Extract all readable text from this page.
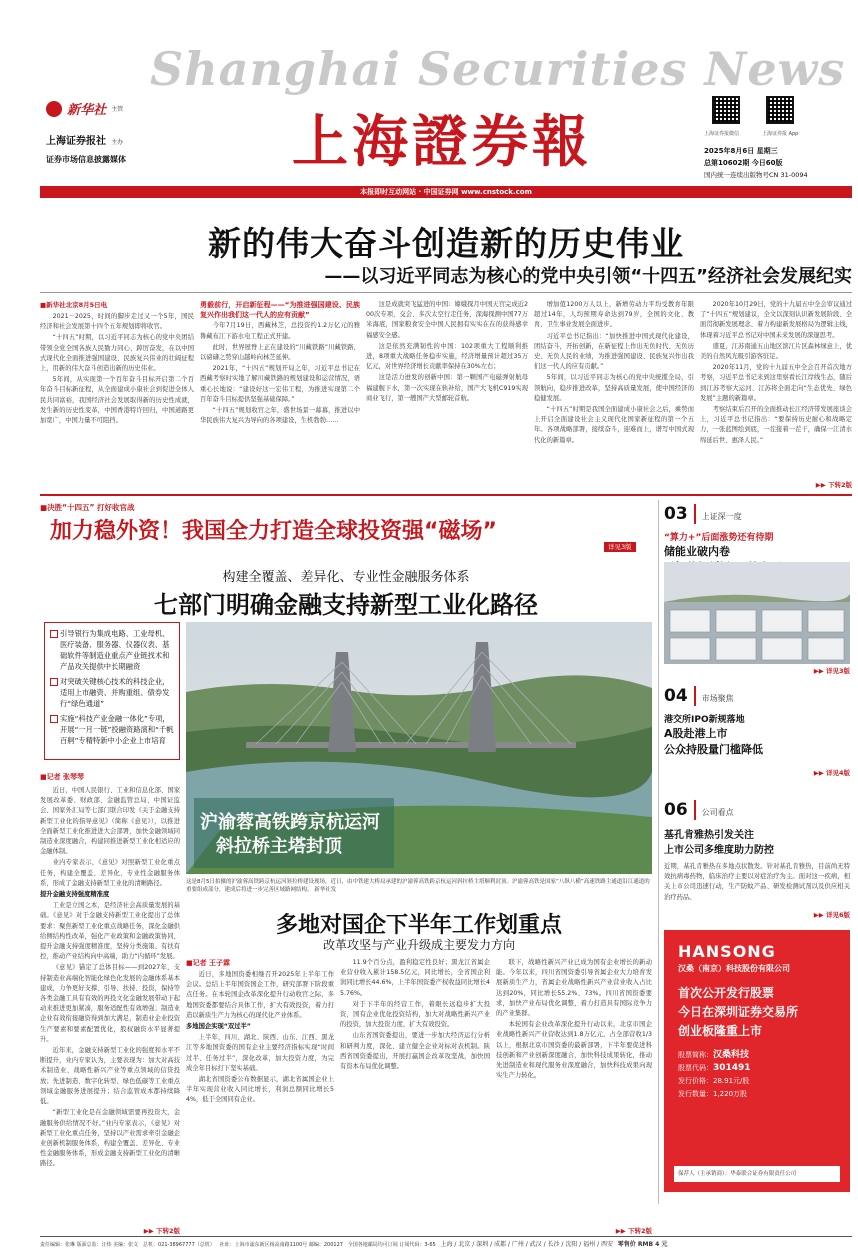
Shanghai Securities News
新华社 主管
上海证券报社 主办
证券市场信息披露媒体	上海證券報	上海证券报微信	上海证券报 App
2025年8月6日 星期三
总第10602期 今日60版
国内统一连续出版物号CN 31-0094
本报即时互动网站 · 中国证券网 www.cnstock.com
新的伟大奋斗创造新的历史伟业
——以习近平同志为核心的党中央引领“十四五”经济社会发展纪实
■新华社北京8月5日电

2021－2025，时间的脚步走过又一个5年，国民经济和社会发展第十四个五年规划即将收官。

“十四五”时期，以习近平同志为核心的党中央团结带领全党全国各族人民勠力同心、踔厉奋发，在以中国式现代化全面推进强国建设、民族复兴伟业的壮阔征程上，用新的伟大奋斗创造出新的历史伟业。

5年间，从实现第一个百年奋斗目标开启第二个百年奋斗目标新征程，从全面建成小康社会到促进全体人民共同富裕，我国经济社会发展取得新的历史性成就，发生新的历史性变革，中国香港特许回归，中国道路更加宽广，中国力量不可阻挡。

勇毅前行，开启新征程——“为推进强国建设、民族复兴作出我们这一代人的应有贡献”

今年7月19日，西藏林芝，总投资约1.2万亿元的雅鲁藏布江下游水电工程正式开建。

此时，世界屋脊上正在建设的“川藏铁路”川藏铁路，以磅礴之势穿山越岭向林芝延伸。

2021年，“十四五”规划开局之年，习近平总书记在西藏考察时实地了解川藏铁路的规划建设和运营情况，语重心长地说：“建设好这一宏伟工程，为推进实现第二个百年奋斗目标提供坚强基础保障。”

“十四五”规划收官之年，盛世场景一幕幕，推进以中华民族伟大复兴为导向的各项建设，生机勃勃……

这是成就突飞猛进的中国：嫦娥探月中国天宫完成近200次专项，交会、多次太空行走任务，深海探测中国77万米海底，国家粮食安全中国人民拥有实实在在的获得感幸福感安全感。

这是依然充满韧性的中国：102项重大工程顺利推进，8项重大战略任务稳步实施，经济增量预计超过35万亿元，对世界经济增长贡献率保持在30%左右；

这是活力迸发的创新中国：第一颗国产电磁弹射航母福建舰下水，第一次实现在轨补给，国产大飞机C919实现商业飞行，第一艘国产大型邮轮首航。

增加值1200万人以上，新增劳动力平均受教育年限超过14年，人均预期寿命达到79岁，全国的文化、教育、卫生事业发展全面进步。

习近平总书记指出：“加快推进中国式现代化建设，团结奋斗，开拓创新，在新征程上作出无负时代、无负历史、无负人民的业绩，为推进强国建设、民族复兴作出我们这一代人的应有贡献。”

5年间，以习近平同志为核心的党中央统揽全局，引领航向，稳步推进改革，坚持高质量发展，使中国经济的稳健发展。

“十四五”时期是我国全面建成小康社会之后，乘势而上开启全面建设社会主义现代化国家新征程的第一个五年。各项战略部署，接续奋斗，迎难而上，谱写中国式现代化的新篇章。

2020年10月29日，党的十九届五中全会审议通过了“十四五”规划建议，全文以深刻认识新发展阶段、全面贯彻新发展理念、着力构建新发展格局为逻辑主线，体现着习近平总书记对中国未来发展的深邃思考。

盛夏，江苏南通五山地区滨江片区森林绿意上，优美的自然风光吸引游客驻足。

2020年11月，党的十九届五中全会召开首次地方考察，习近平总书记来到这里察看长江岸线生态，随后到江苏考察大运河、江苏将全面走向“生态优先、绿色发展”主题的新篇章。

考察结束后召开的全面推动长江经济带发展座谈会上，习近平总书记指出：“要保持历史耐心和战略定力，一张蓝图绘到底，一茬接着一茬干，确保一江清水绵延后世、惠泽人民。”

▶▶ 下转2版
■决胜“十四五” 打好收官战
加力稳外资！我国全力打造全球投资强“磁场”
详见3版
构建全覆盖、差异化、专业性金融服务体系
七部门明确金融支持新型工业化路径
引导银行为集成电路、工业母机、医疗装备、服务器、仪器仪表、基础软件等制造业重点产业链找术和产品攻关提供中长期融资
对突破关键核心技术的科技企业，适用上市融资、并购重组、债券发行“绿色通道”
实施“科技产业金融一体化”专项，开展“一月一链”投融资路演和“千帆百舸”专精特新中小企业上市培育
■记者 张琴琴

近日，中国人民银行、工业和信息化部、国家发展改革委、财政部、金融监管总局、中国证监会、国家外汇局等七部门联合印发《关于金融支持新型工业化的指导意见》（简称《意见》），以推进全面新型工业化推进进大会部署，加快金融领域同制造业深度融合，构建同推进新型工业化相适应的金融体制。

业内专家表示，《意见》对照新型工业化重点任务，构建全覆盖、差异化、专业性金融服务体系，形成了金融支持新型工业化的清晰路径。

提升金融支持强度精准度

工业是立国之本，是经济社会高质量发展的基础。《意见》对于金融支持新型工业化提出了总体要求：聚焦新型工业化重点战略任务，深化金融供给侧结构性改革，强化产业政策和金融政策协同，提升金融支持强度精准度，坚持分类施策、有扶有控，推动产业结构向中高端，助力“内循环”发展。

《意见》锚定了总体目标——到2027年，支持制造业高端化智能化绿色化发展的金融体系基本建成，力争更好支撑、引导、扶持、投资，保持等各类金融工具有有效的再投文化金融发展带动下起动来推进更加紧凑，服务适配性有效增强；制造业企业有效衔接融资得到加大满足，制造业企业投资生产要素和要素配置优化，股权融资水平显著提升。

近年来，金融支持新型工业化的强度和水平不断提升，业内专家认为，主要表现为：加大对高技术制造业、战略性新兴产业等重点领域的信贷投放；先进制造、数字化转型、绿色低碳等工业重点领域金融服务进展提升；结合监管成本都持续降低。

“新型工业化是在金融领域需要再投资大，金融服务供给情况不好。”业内专家表示，《意见》对新型工业化重点任务，坚持以产业需求牵引金融企业创新机制服务体系，构建全覆盖、差异化、专业性金融服务体系，形成金融支持新型工业化的清晰路径。

▶▶ 下转2版
沪渝蓉高铁跨京杭运河
斜拉桥主塔封顶
这是8月5日拍摄的沪渝蓉高铁跨京杭运河斜拉桥建设现场。近日，由中铁建大桥局承建的沪渝蓉高铁跨京杭运河斜拉桥主塔顺利封顶。沪渝蓉高铁是国家“八纵八横”高速铁路主通道沿江通道的重要组成部分，建成后将进一步完善区域路网结构。 新华社发
多地对国企下半年工作划重点
改革攻坚与产业升级成主要发力方向
■记者 王子霖

近日，多地国资委相继召开2025年上半年工作会议。总结上半年国资国企工作，研究部署下阶段重点任务。在本轮国企改革深化提升行动收官之际，多地国资委都要结合具体工作，扩大有效投资，着力打造以新质生产力为核心的现代化产业体系。

多地国企实现“双过半”

上半年，四川、湖北、陕西、山东、江西、黑龙江等多地国资委的国有企业主要经济指标实现“时间过半、任务过半”，深化改革，加大投资力度，为完成全年目标打下坚实基础。

湖北省国资委公布数据显示，湖北省属国企业上半年实现营业收入同比增长，利润总额同比增长54%，低于全国同有企业。

11.9个百分点，盈利稳定性良好；黑龙江省属企业营业收入累计158.5亿元，同比增长，全省国企利润同比增长44.6%，上半年国资委产权收益同比增长45.76%。

对于下半年的经营工作，着眼长远稳步扩大投资，国有企业优化投资结构，加大对战略性新兴产业的投资，加大投资力度，扩大有效投资。

山东省国资委提出，要进一步加大经济运行分析和研判力度，深化、建立健全企业对标对表机制。陕西省国资委提出，开展打赢国企改革攻坚战，加快国有资本布局优化调整。

联下，战略性新兴产业已成为国有企业增长的新动能。今年以来，四川省国资委引导省属企业大力培育发展新质生产力，省属企业战略性新兴产业营业收入占比达到20%，同比增长55.2%、73%。四川省国资委要求，加快产业布局优化调整，着力打造具有国际竞争力的产业集群。

本轮国有企业改革深化提升行动以来，北京市国企业战略性新兴产业营收达到1.8万亿元，占全部营收1/3以上，根据北京市国资委的最新部署，下半年要促进科技创新和产业创新深度融合，加快科技成果转化，推动先进制造业和现代服务业深度融合，加快科技成果向现实生产力转化。

▶▶ 下转2版
03 上证深一度
“算力+”后面涨势还有待期
储能业破内卷
▶▶ 详见3版
04 市场聚焦
港交所IPO新规落地
A股赴港上市
公众持股量门槛降低
▶▶ 详见4版
06 公司看点
基孔肯雅热引发关注
上市公司多维度助力防控
近期，基孔肯雅热在多地点状散发。针对基孔肯雅热，目前尚无特效抗病毒药物，临床治疗主要以对症治疗为主。面对这一疾病，相关上市公司迅速行动，生产防蚊产品、研发检测试剂以及供应相关治疗药品。
▶▶ 详见6版
HANSONG
汉桑（南京）科技股份有限公司
首次公开发行股票
今日在深圳证券交易所
创业板隆重上市
股票简称：汉桑科技
股票代码：301491
发行价格：28.91元/股
发行数量：1,220万股
保荐人（主承销商）：华泰联合证券有限责任公司
责任编辑：张琳 版面总监：汪炜 美编：张文 总机：021-38967777（总机） 社址：上海市浦东新区杨高南路1100号 邮编：200127 全国各地邮局均可订阅 订阅代码：3-65 上海 / 北京 / 深圳 / 成都 / 广州 / 武汉 / 长沙 / 沈阳 / 福州 / 西安 零售价 RMB 4 元
